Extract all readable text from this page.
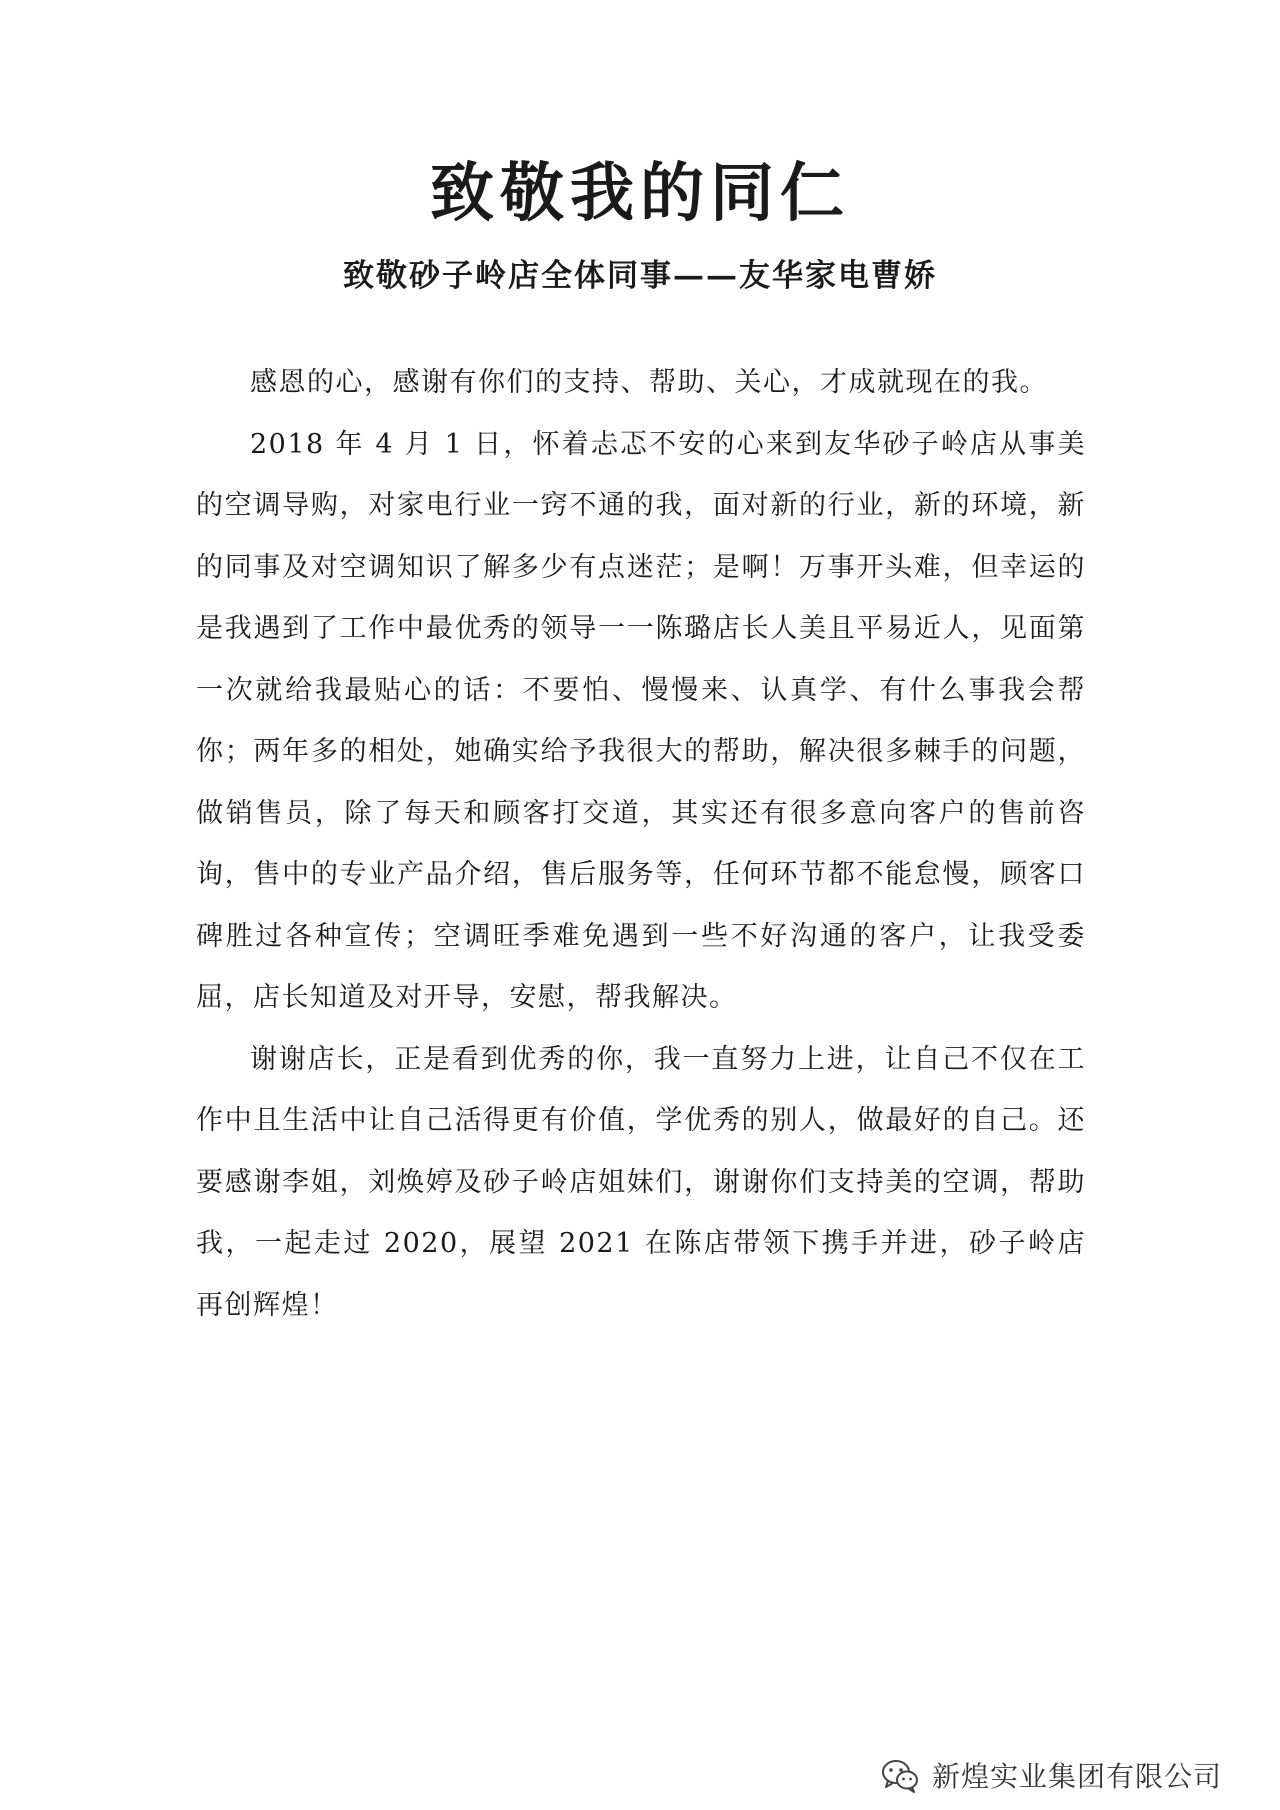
致敬我的同仁
致敬砂子岭店全体同事——友华家电曹娇

感恩的心，感谢有你们的支持、帮助、关心，才成就现在的我。

2018 年 4 月 1 日，怀着忐忑不安的心来到友华砂子岭店从事美的空调导购，对家电行业一窍不通的我，面对新的行业，新的环境，新的同事及对空调知识了解多少有点迷茫；是啊！万事开头难，但幸运的是我遇到了工作中最优秀的领导一一陈璐店长人美且平易近人，见面第一次就给我最贴心的话：不要怕、慢慢来、认真学、有什么事我会帮你；两年多的相处，她确实给予我很大的帮助，解决很多棘手的问题，做销售员，除了每天和顾客打交道，其实还有很多意向客户的售前咨询，售中的专业产品介绍，售后服务等，任何环节都不能怠慢，顾客口碑胜过各种宣传；空调旺季难免遇到一些不好沟通的客户，让我受委屈，店长知道及对开导，安慰，帮我解决。

谢谢店长，正是看到优秀的你，我一直努力上进，让自己不仅在工作中且生活中让自己活得更有价值，学优秀的别人，做最好的自己。还要感谢李姐，刘焕婷及砂子岭店姐妹们，谢谢你们支持美的空调，帮助我，一起走过 2020，展望 2021 在陈店带领下携手并进，砂子岭店再创辉煌！

新煌实业集团有限公司
